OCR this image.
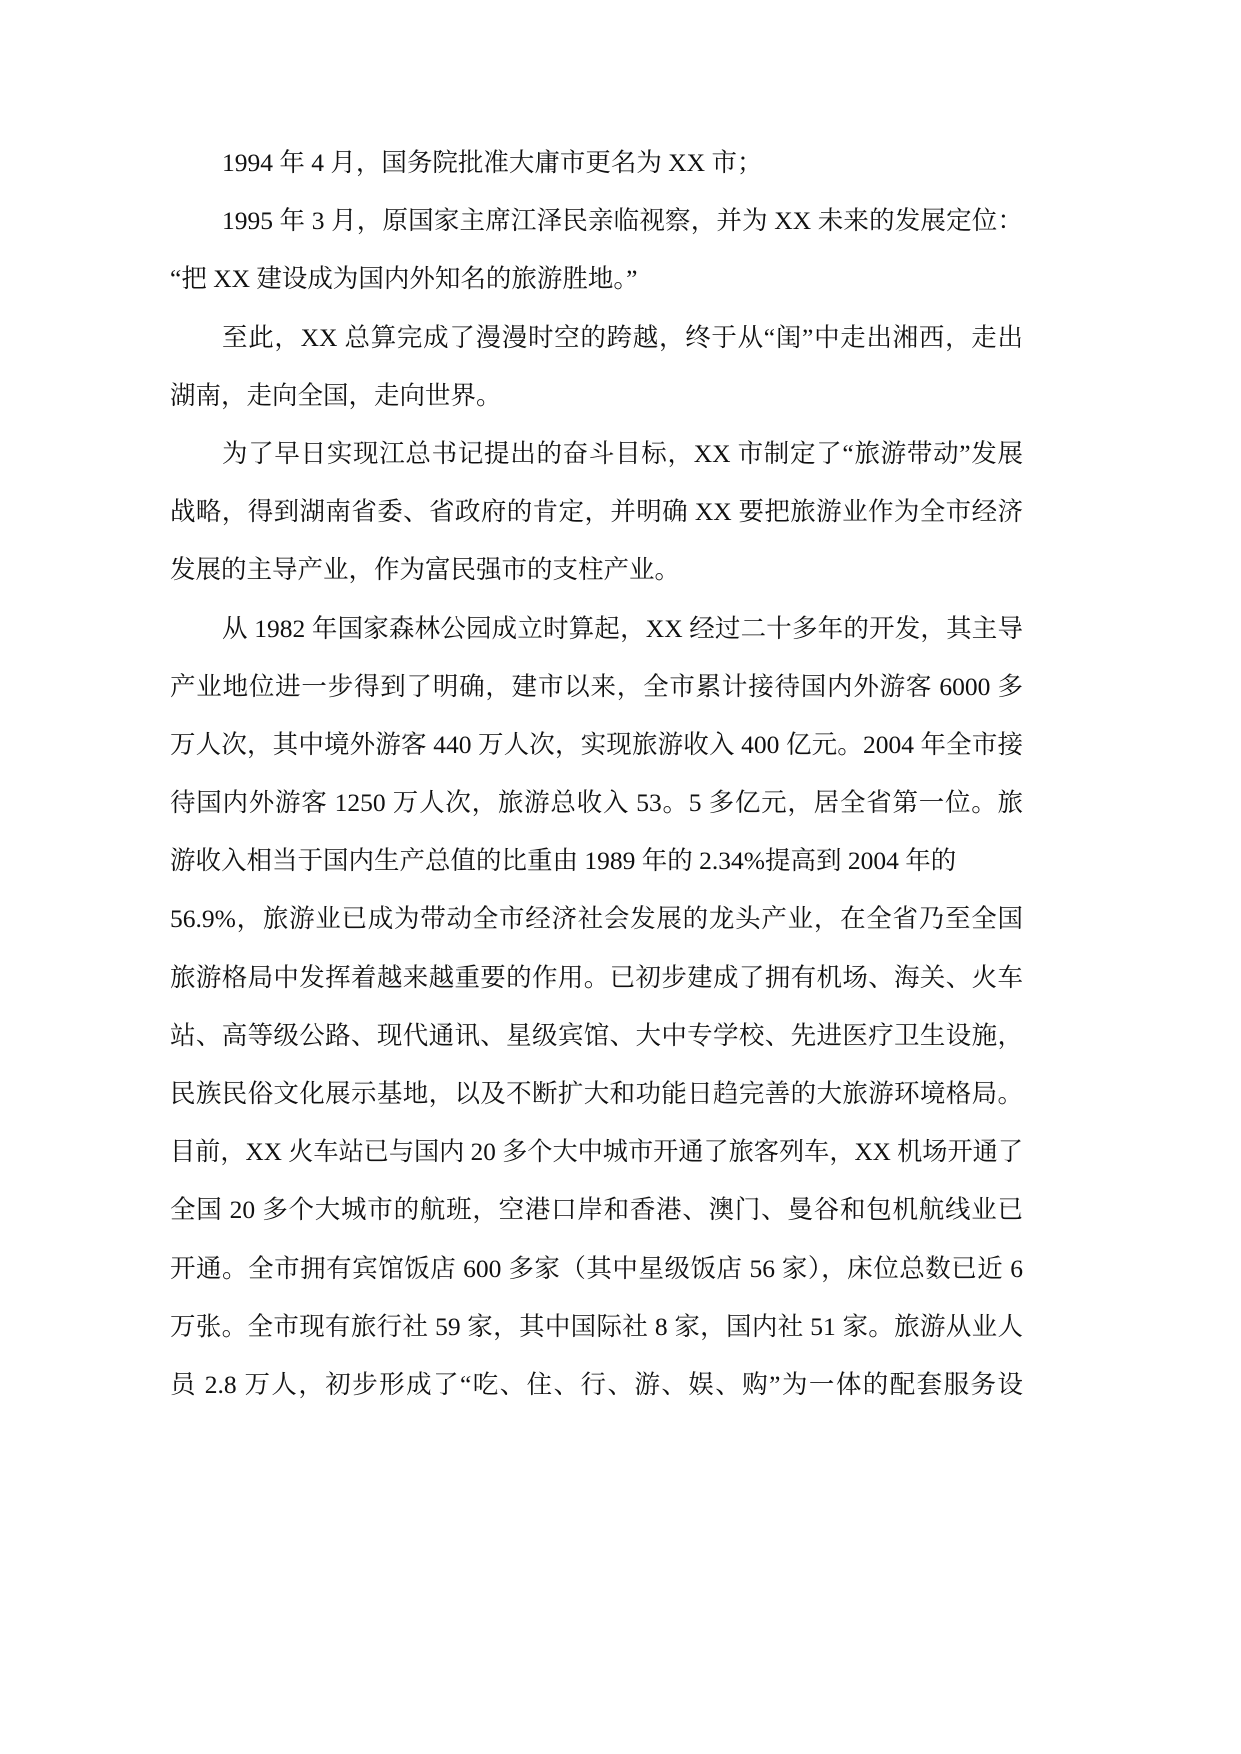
1994 年 4 月，国务院批准大庸市更名为 XX 市；
1995 年 3 月，原国家主席江泽民亲临视察，并为 XX 未来的发展定位：
“把 XX 建设成为国内外知名的旅游胜地。”
至此，XX 总算完成了漫漫时空的跨越，终于从“闺”中走出湘西，走出
湖南，走向全国，走向世界。
为了早日实现江总书记提出的奋斗目标，XX 市制定了“旅游带动”发展
战略，得到湖南省委、省政府的肯定，并明确 XX 要把旅游业作为全市经济
发展的主导产业，作为富民强市的支柱产业。
从 1982 年国家森林公园成立时算起，XX 经过二十多年的开发，其主导
产业地位进一步得到了明确，建市以来，全市累计接待国内外游客 6000 多
万人次，其中境外游客 440 万人次，实现旅游收入 400 亿元。2004 年全市接
待国内外游客 1250 万人次，旅游总收入 53。5 多亿元，居全省第一位。旅
游收入相当于国内生产总值的比重由 1989 年的 2.34%提高到 2004 年的
56.9%，旅游业已成为带动全市经济社会发展的龙头产业，在全省乃至全国
旅游格局中发挥着越来越重要的作用。已初步建成了拥有机场、海关、火车
站、高等级公路、现代通讯、星级宾馆、大中专学校、先进医疗卫生设施，
民族民俗文化展示基地，以及不断扩大和功能日趋完善的大旅游环境格局。
目前，XX 火车站已与国内 20 多个大中城市开通了旅客列车，XX 机场开通了
全国 20 多个大城市的航班，空港口岸和香港、澳门、曼谷和包机航线业已
开通。全市拥有宾馆饭店 600 多家（其中星级饭店 56 家），床位总数已近 6
万张。全市现有旅行社 59 家，其中国际社 8 家，国内社 51 家。旅游从业人
员 2.8 万人，初步形成了“吃、住、行、游、娱、购”为一体的配套服务设
